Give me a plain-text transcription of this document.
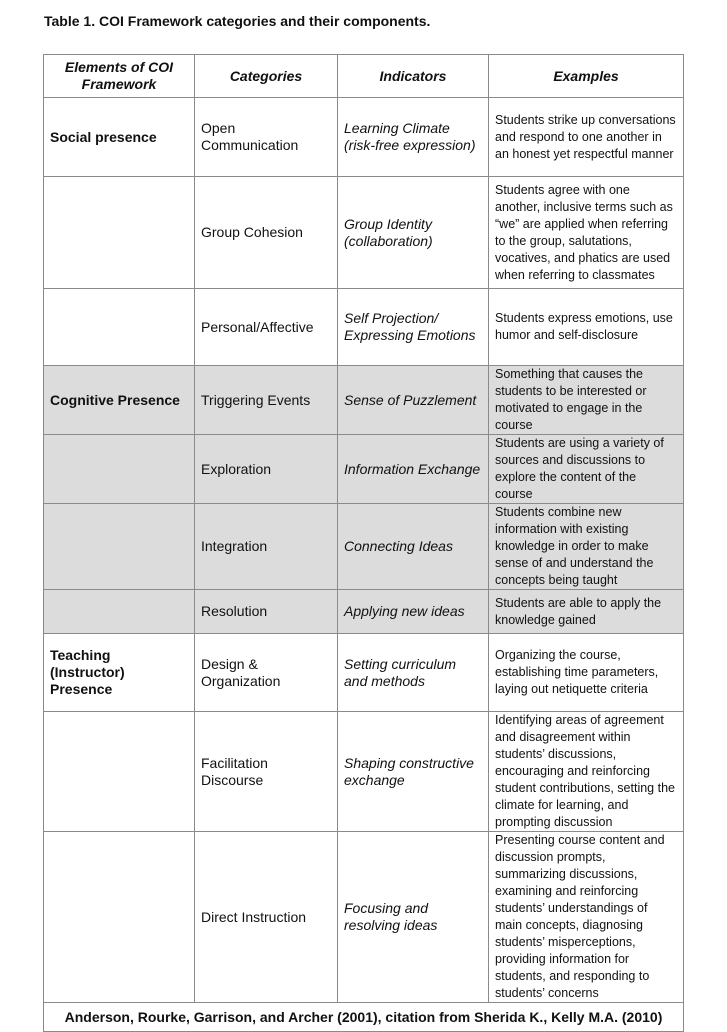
Table 1. COI Framework categories and their components.
Elements of COI Framework	Categories	Indicators	Examples
Social presence	Open Communication	Learning Climate (risk-free expression)	Students strike up conversations and respond to one another in an honest yet respectful manner
	Group Cohesion	Group Identity (collaboration)	Students agree with one another, inclusive terms such as “we” are applied when referring to the group, salutations, vocatives, and phatics are used when referring to classmates
	Personal/Affective	Self Projection/ Expressing Emotions	Students express emotions, use humor and self-disclosure
Cognitive Presence	Triggering Events	Sense of Puzzlement	Something that causes the students to be interested or motivated to engage in the course
	Exploration	Information Exchange	Students are using a variety of sources and discussions to explore the content of the course
	Integration	Connecting Ideas	Students combine new information with existing knowledge in order to make sense of and understand the concepts being taught
	Resolution	Applying new ideas	Students are able to apply the knowledge gained
Teaching (Instructor) Presence	Design & Organization	Setting curriculum and methods	Organizing the course, establishing time parameters, laying out netiquette criteria
	Facilitation Discourse	Shaping constructive exchange	Identifying areas of agreement and disagreement within students’ discussions, encouraging and reinforcing student contributions, setting the climate for learning, and prompting discussion
	Direct Instruction	Focusing and resolving ideas	Presenting course content and discussion prompts, summarizing discussions, examining and reinforcing students’ understandings of main concepts, diagnosing students’ misperceptions, providing information for students, and responding to students’ concerns
Anderson, Rourke, Garrison, and Archer (2001), citation from Sherida K., Kelly M.A. (2010)			
